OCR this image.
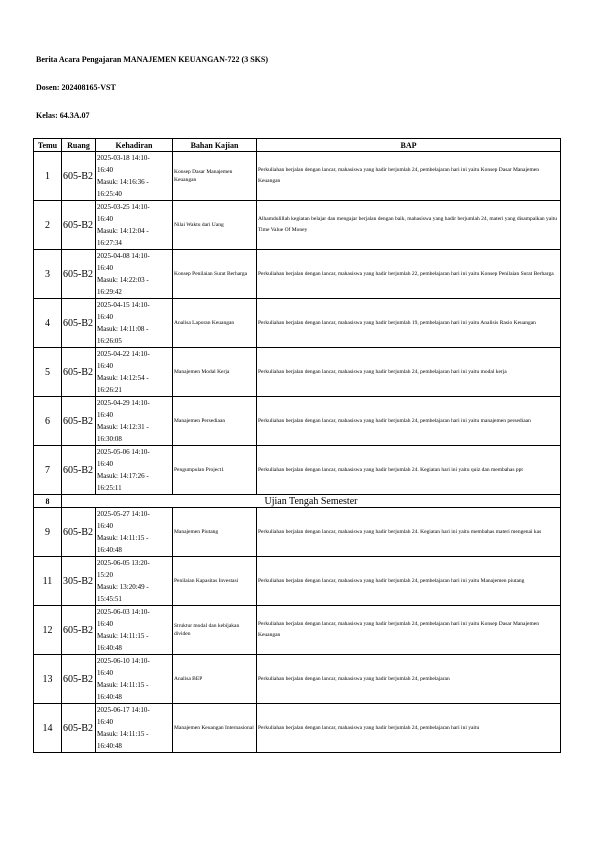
Berita Acara Pengajaran MANAJEMEN KEUANGAN-722 (3 SKS)
Dosen: 202408165-VST
Kelas: 64.3A.07
Temu	Ruang	Kehadiran	Bahan Kajian	BAP
1	605-B2	2025-03-18 14:10-
16:40
Masuk: 14:16:36 -
16:25:40	Konsep Dasar Manajemen Keuangan	Perkuliahan berjalan dengan lancar, mahasiswa yang hadir berjumlah 24, pembelajaran hari ini yaitu Konsep Dasar Manajemen Keuangan
2	605-B2	2025-03-25 14:10-
16:40
Masuk: 14:12:04 -
16:27:34	Nilai Waktu dari Uang	Alhamdulillah kegiatan belajar dan mengajar berjalan dengan baik, mahasiswa yang hadir berjumlah 24, materi yang disampaikan yaitu Time Value Of Money
3	605-B2	2025-04-08 14:10-
16:40
Masuk: 14:22:03 -
16:29:42	Konsep Penilaian Surat Berharga	Perkuliahan berjalan dengan lancar, mahasiswa yang hadir berjumlah 22, pembelajaran hari ini yaitu Konsep Penilaian Surat Berharga
4	605-B2	2025-04-15 14:10-
16:40
Masuk: 14:11:08 -
16:26:05	Analisa Laporan Keuangan	Perkuliahan berjalan dengan lancar, mahasiswa yang hadir berjumlah 19, pembelajaran hari ini yaitu Analisis Rasio Keuangan
5	605-B2	2025-04-22 14:10-
16:40
Masuk: 14:12:54 -
16:26:21	Manajemen Modal Kerja	Perkuliahan berjalan dengan lancar, mahasiswa yang hadir berjumlah 24, pembelajaran hari ini yaitu modal kerja
6	605-B2	2025-04-29 14:10-
16:40
Masuk: 14:12:31 -
16:30:08	Manajemen Persediaan	Perkuliahan berjalan dengan lancar, mahasiswa yang hadir berjumlah 24, pembelajaran hari ini yaitu manajemen persediaan
7	605-B2	2025-05-06 14:10-
16:40
Masuk: 14:17:26 -
16:25:11	Pengumpulan Project1	Perkuliahan berjalan dengan lancar, mahasiswa yang hadir berjumlah 24. Kegiatan hari ini yaitu quiz dan membahas ppt
8	Ujian Tengah Semester			
9	605-B2	2025-05-27 14:10-
16:40
Masuk: 14:11:15 -
16:40:48	Manajemen Piutang	Perkuliahan berjalan dengan lancar, mahasiswa yang hadir berjumlah 24. Kegiatan hari ini yaitu membahas materi mengenai kas
11	305-B2	2025-06-05 13:20-
15:20
Masuk: 13:20:49 -
15:45:51	Penilaian Kapasitas Investasi	Perkuliahan berjalan dengan lancar, mahasiswa yang hadir berjumlah 24, pembelajaran hari ini yaitu Manajemen piutang
12	605-B2	2025-06-03 14:10-
16:40
Masuk: 14:11:15 -
16:40:48	Struktur modal dan kebijakan dividen	Perkuliahan berjalan dengan lancar, mahasiswa yang hadir berjumlah 24, pembelajaran hari ini yaitu Konsep Dasar Manajemen Keuangan
13	605-B2	2025-06-10 14:10-
16:40
Masuk: 14:11:15 -
16:40:48	Analisa BEP	Perkuliahan berjalan dengan lancar, mahasiswa yang hadir berjumlah 24, pembelajaran
14	605-B2	2025-06-17 14:10-
16:40
Masuk: 14:11:15 -
16:40:48	Manajemen Keuangan Internasional	Perkuliahan berjalan dengan lancar, mahasiswa yang hadir berjumlah 24, pembelajaran hari ini yaitu
